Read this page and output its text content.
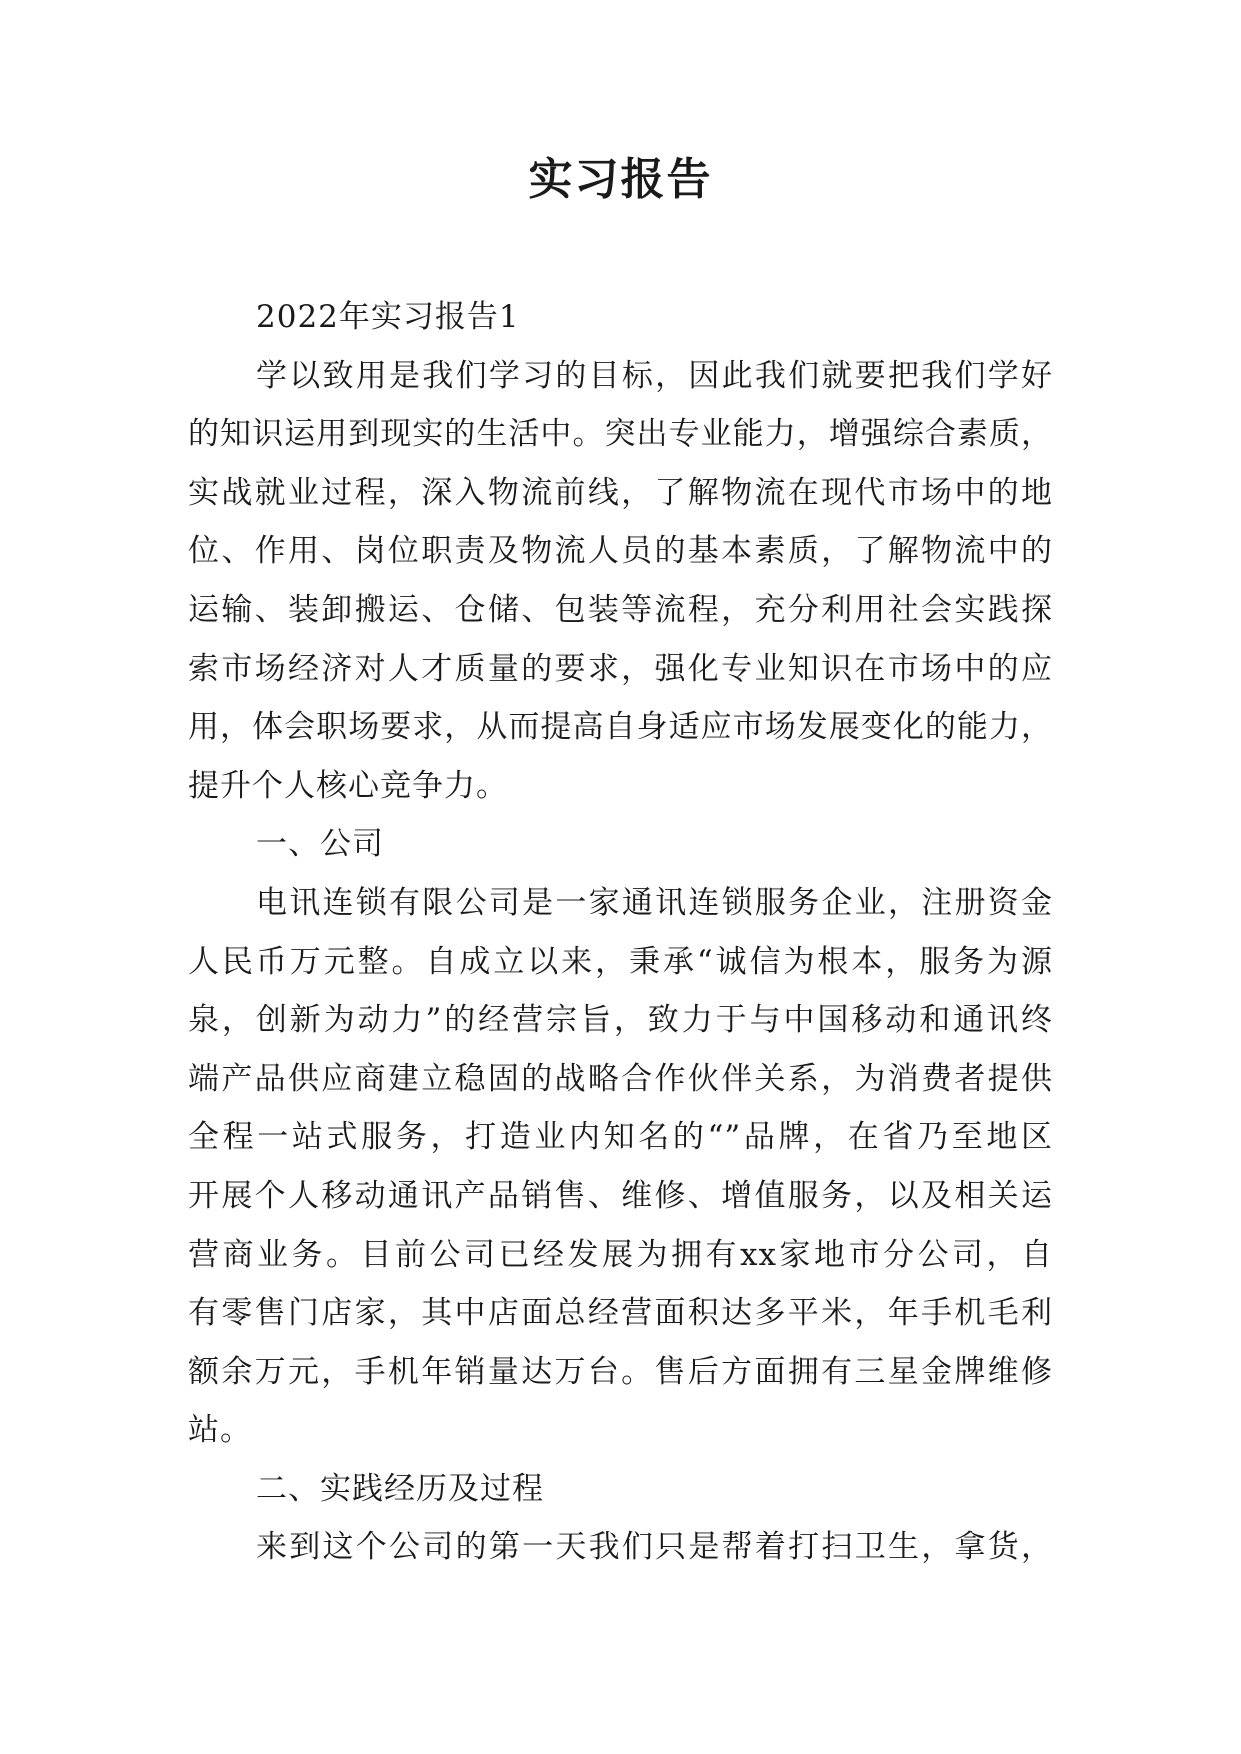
实习报告
2022年实习报告1
学以致用是我们学习的目标，因此我们就要把我们学好
的知识运用到现实的生活中。突出专业能力，增强综合素质，
实战就业过程，深入物流前线，了解物流在现代市场中的地
位、作用、岗位职责及物流人员的基本素质，了解物流中的
运输、装卸搬运、仓储、包装等流程，充分利用社会实践探
索市场经济对人才质量的要求，强化专业知识在市场中的应
用，体会职场要求，从而提高自身适应市场发展变化的能力，
提升个人核心竞争力。
一、公司
电讯连锁有限公司是一家通讯连锁服务企业，注册资金
人民币万元整。自成立以来，秉承“诚信为根本，服务为源
泉，创新为动力”的经营宗旨，致力于与中国移动和通讯终
端产品供应商建立稳固的战略合作伙伴关系，为消费者提供
全程一站式服务，打造业内知名的“”品牌，在省乃至地区
开展个人移动通讯产品销售、维修、增值服务，以及相关运
营商业务。目前公司已经发展为拥有xx家地市分公司，自
有零售门店家，其中店面总经营面积达多平米，年手机毛利
额余万元，手机年销量达万台。售后方面拥有三星金牌维修
站。
二、实践经历及过程
来到这个公司的第一天我们只是帮着打扫卫生，拿货，
